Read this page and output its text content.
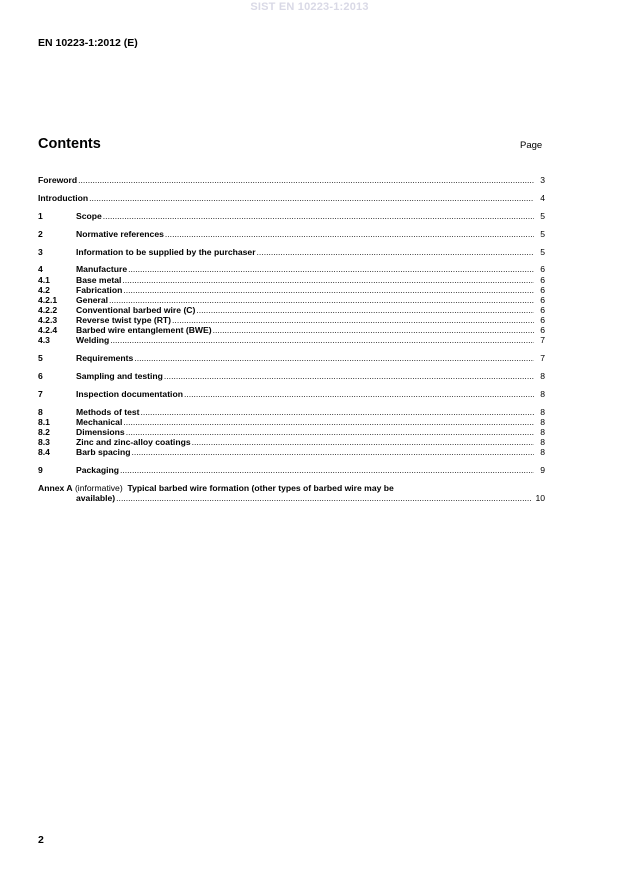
SIST EN 10223-1:2013
EN 10223-1:2012 (E)
Contents	Page
Foreword .....	3
Introduction .....	4
1	Scope .....	5
2	Normative references .....	5
3	Information to be supplied by the purchaser .....	5
4	Manufacture .....	6
4.1	Base metal .....	6
4.2	Fabrication .....	6
4.2.1	General .....	6
4.2.2	Conventional barbed wire (C) .....	6
4.2.3	Reverse twist type (RT) .....	6
4.2.4	Barbed wire entanglement (BWE) .....	6
4.3	Welding .....	7
5	Requirements .....	7
6	Sampling and testing .....	8
7	Inspection documentation .....	8
8	Methods of test .....	8
8.1	Mechanical .....	8
8.2	Dimensions .....	8
8.3	Zinc and zinc-alloy coatings .....	8
8.4	Barb spacing .....	8
9	Packaging .....	9
Annex A (informative) Typical barbed wire formation (other types of barbed wire may be
available) .....	10
2
